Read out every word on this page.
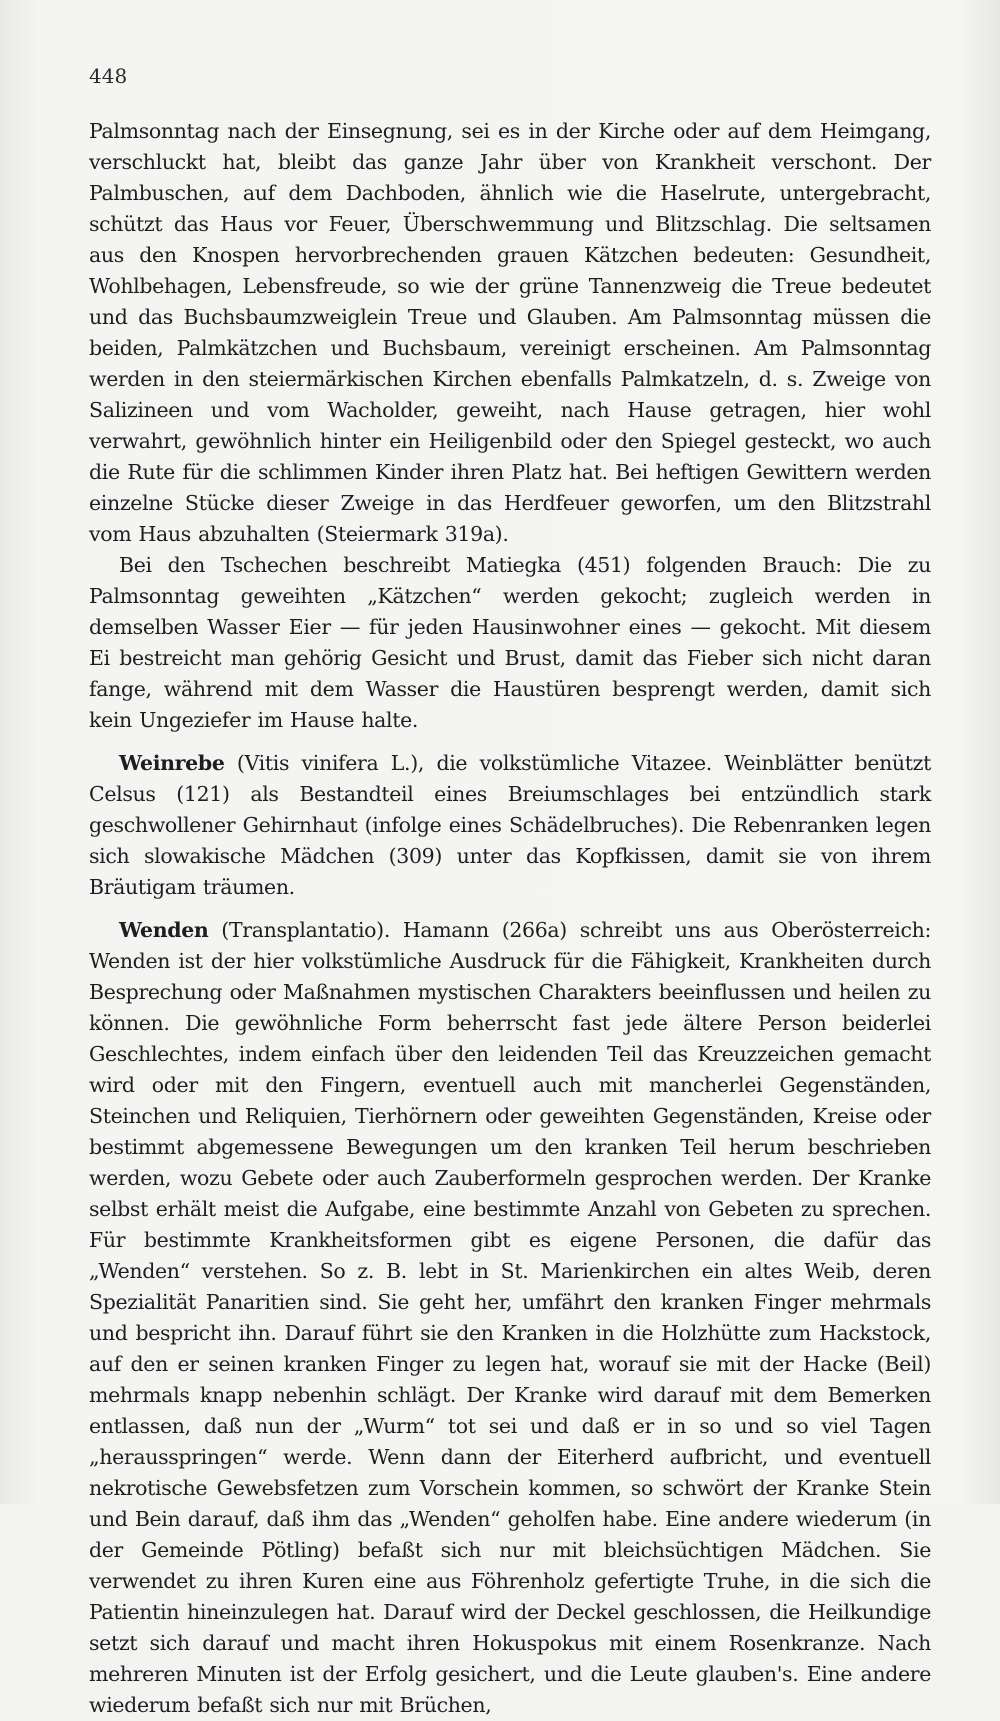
448

Palmsonntag nach der Einsegnung, sei es in der Kirche oder auf dem Heimgang, verschluckt hat, bleibt das ganze Jahr über von Krankheit verschont. Der Palmbuschen, auf dem Dachboden, ähnlich wie die Haselrute, untergebracht, schützt das Haus vor Feuer, Überschwemmung und Blitzschlag. Die seltsamen aus den Knospen hervorbrechenden grauen Kätzchen bedeuten: Gesundheit, Wohlbehagen, Lebensfreude, so wie der grüne Tannenzweig die Treue bedeutet und das Buchsbaumzweiglein Treue und Glauben. Am Palmsonntag müssen die beiden, Palmkätzchen und Buchsbaum, vereinigt erscheinen. Am Palmsonntag werden in den steiermärkischen Kirchen ebenfalls Palmkatzeln, d. s. Zweige von Salizineen und vom Wacholder, geweiht, nach Hause getragen, hier wohl verwahrt, gewöhnlich hinter ein Heiligenbild oder den Spiegel gesteckt, wo auch die Rute für die schlimmen Kinder ihren Platz hat. Bei heftigen Gewittern werden einzelne Stücke dieser Zweige in das Herdfeuer geworfen, um den Blitzstrahl vom Haus abzuhalten (Steiermark 319a).

Bei den Tschechen beschreibt Matiegka (451) folgenden Brauch: Die zu Palmsonntag geweihten „Kätzchen“ werden gekocht; zugleich werden in demselben Wasser Eier — für jeden Hausinwohner eines — gekocht. Mit diesem Ei bestreicht man gehörig Gesicht und Brust, damit das Fieber sich nicht daran fange, während mit dem Wasser die Haustüren besprengt werden, damit sich kein Ungeziefer im Hause halte.

Weinrebe (Vitis vinifera L.), die volkstümliche Vitazee. Weinblätter benützt Celsus (121) als Bestandteil eines Breiumschlages bei entzündlich stark geschwollener Gehirnhaut (infolge eines Schädelbruches). Die Rebenranken legen sich slowakische Mädchen (309) unter das Kopfkissen, damit sie von ihrem Bräutigam träumen.

Wenden (Transplantatio). Hamann (266a) schreibt uns aus Oberösterreich: Wenden ist der hier volkstümliche Ausdruck für die Fähigkeit, Krankheiten durch Besprechung oder Maßnahmen mystischen Charakters beeinflussen und heilen zu können. Die gewöhnliche Form beherrscht fast jede ältere Person beiderlei Geschlechtes, indem einfach über den leidenden Teil das Kreuzzeichen gemacht wird oder mit den Fingern, eventuell auch mit mancherlei Gegenständen, Steinchen und Reliquien, Tierhörnern oder geweihten Gegenständen, Kreise oder bestimmt abgemessene Bewegungen um den kranken Teil herum beschrieben werden, wozu Gebete oder auch Zauberformeln gesprochen werden. Der Kranke selbst erhält meist die Aufgabe, eine bestimmte Anzahl von Gebeten zu sprechen. Für bestimmte Krankheitsformen gibt es eigene Personen, die dafür das „Wenden“ verstehen. So z. B. lebt in St. Marienkirchen ein altes Weib, deren Spezialität Panaritien sind. Sie geht her, umfährt den kranken Finger mehrmals und bespricht ihn. Darauf führt sie den Kranken in die Holzhütte zum Hackstock, auf den er seinen kranken Finger zu legen hat, worauf sie mit der Hacke (Beil) mehrmals knapp nebenhin schlägt. Der Kranke wird darauf mit dem Bemerken entlassen, daß nun der „Wurm“ tot sei und daß er in so und so viel Tagen „herausspringen“ werde. Wenn dann der Eiterherd aufbricht, und eventuell nekrotische Gewebsfetzen zum Vorschein kommen, so schwört der Kranke Stein und Bein darauf, daß ihm das „Wenden“ geholfen habe. Eine andere wiederum (in der Gemeinde Pötling) befaßt sich nur mit bleichsüchtigen Mädchen. Sie verwendet zu ihren Kuren eine aus Föhrenholz gefertigte Truhe, in die sich die Patientin hineinzulegen hat. Darauf wird der Deckel geschlossen, die Heilkundige setzt sich darauf und macht ihren Hokuspokus mit einem Rosenkranze. Nach mehreren Minuten ist der Erfolg gesichert, und die Leute glauben's. Eine andere wiederum befaßt sich nur mit Brüchen,
